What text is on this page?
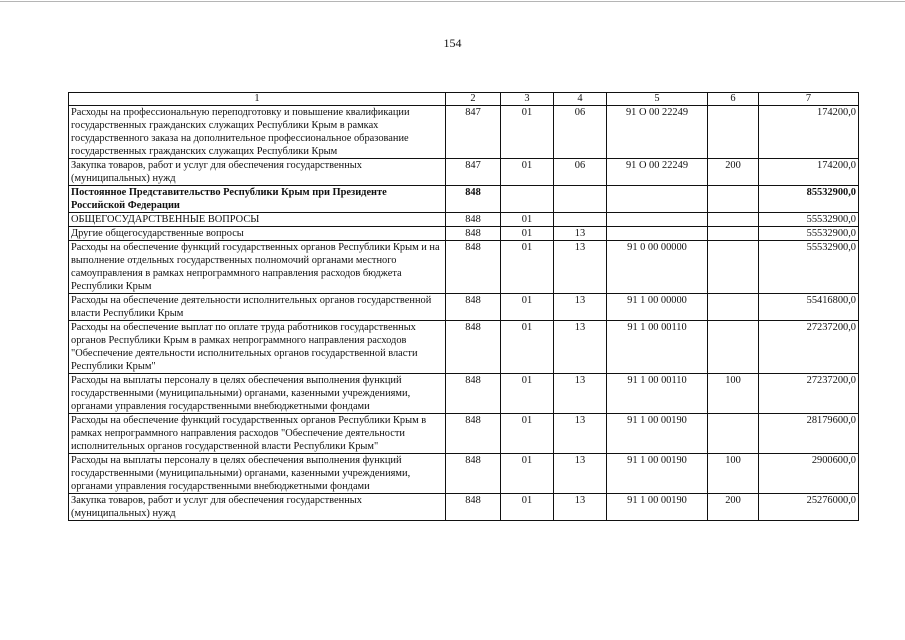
154
1	2	3	4	5	6	7
Расходы на профессиональную переподготовку и повышение квалификации государственных гражданских служащих Республики Крым в рамках государственного заказа на дополнительное профессиональное образование государственных гражданских служащих Республики Крым	847	01	06	91 О 00 22249		174200,0
Закупка товаров, работ и услуг для обеспечения государственных (муниципальных) нужд	847	01	06	91 О 00 22249	200	174200,0
Постоянное Представительство Республики Крым при Президенте Российской Федерации	848					85532900,0
ОБЩЕГОСУДАРСТВЕННЫЕ ВОПРОСЫ	848	01				55532900,0
Другие общегосударственные вопросы	848	01	13			55532900,0
Расходы на обеспечение функций государственных органов Республики Крым и на выполнение отдельных государственных полномочий органами местного самоуправления в рамках непрограммного направления расходов бюджета Республики Крым	848	01	13	91 0 00 00000		55532900,0
Расходы на обеспечение деятельности исполнительных органов государственной власти Республики Крым	848	01	13	91 1 00 00000		55416800,0
Расходы на обеспечение выплат по оплате труда работников государственных органов Республики Крым в рамках непрограммного направления расходов "Обеспечение деятельности исполнительных органов государственной власти Республики Крым"	848	01	13	91 1 00 00110		27237200,0
Расходы на выплаты персоналу в целях обеспечения выполнения функций государственными (муниципальными) органами, казенными учреждениями, органами управления государственными внебюджетными фондами	848	01	13	91 1 00 00110	100	27237200,0
Расходы на обеспечение функций государственных органов Республики Крым в рамках непрограммного направления расходов "Обеспечение деятельности исполнительных органов государственной власти Республики Крым"	848	01	13	91 1 00 00190		28179600,0
Расходы на выплаты персоналу в целях обеспечения выполнения функций государственными (муниципальными) органами, казенными учреждениями, органами управления государственными внебюджетными фондами	848	01	13	91 1 00 00190	100	2900600,0
Закупка товаров, работ и услуг для обеспечения государственных (муниципальных) нужд	848	01	13	91 1 00 00190	200	25276000,0
